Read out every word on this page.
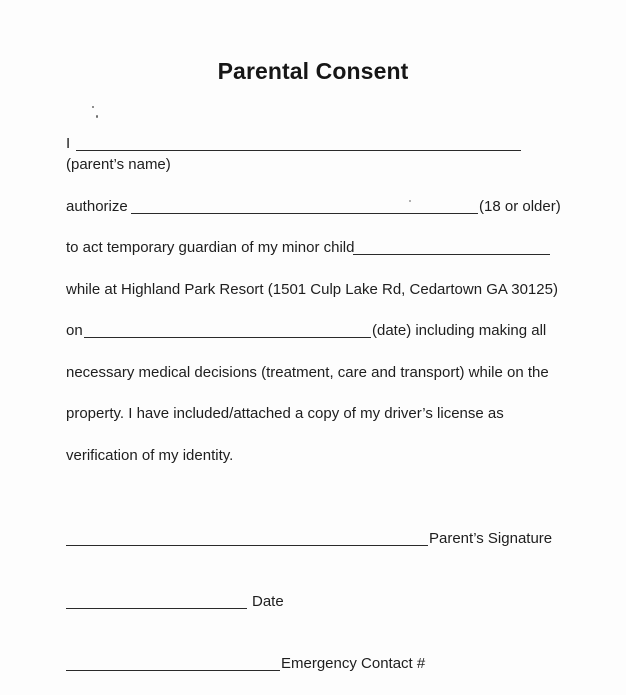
Parental Consent
I
(parent’s name)
authorize	(18 or older)
to act temporary guardian of my minor child
while at Highland Park Resort (1501 Culp Lake Rd, Cedartown GA 30125)
on	(date) including making all
necessary medical decisions (treatment, care and transport) while on the
property. I have included/attached a copy of my driver’s license as
verification of my identity.
Parent’s Signature
Date
Emergency Contact #
